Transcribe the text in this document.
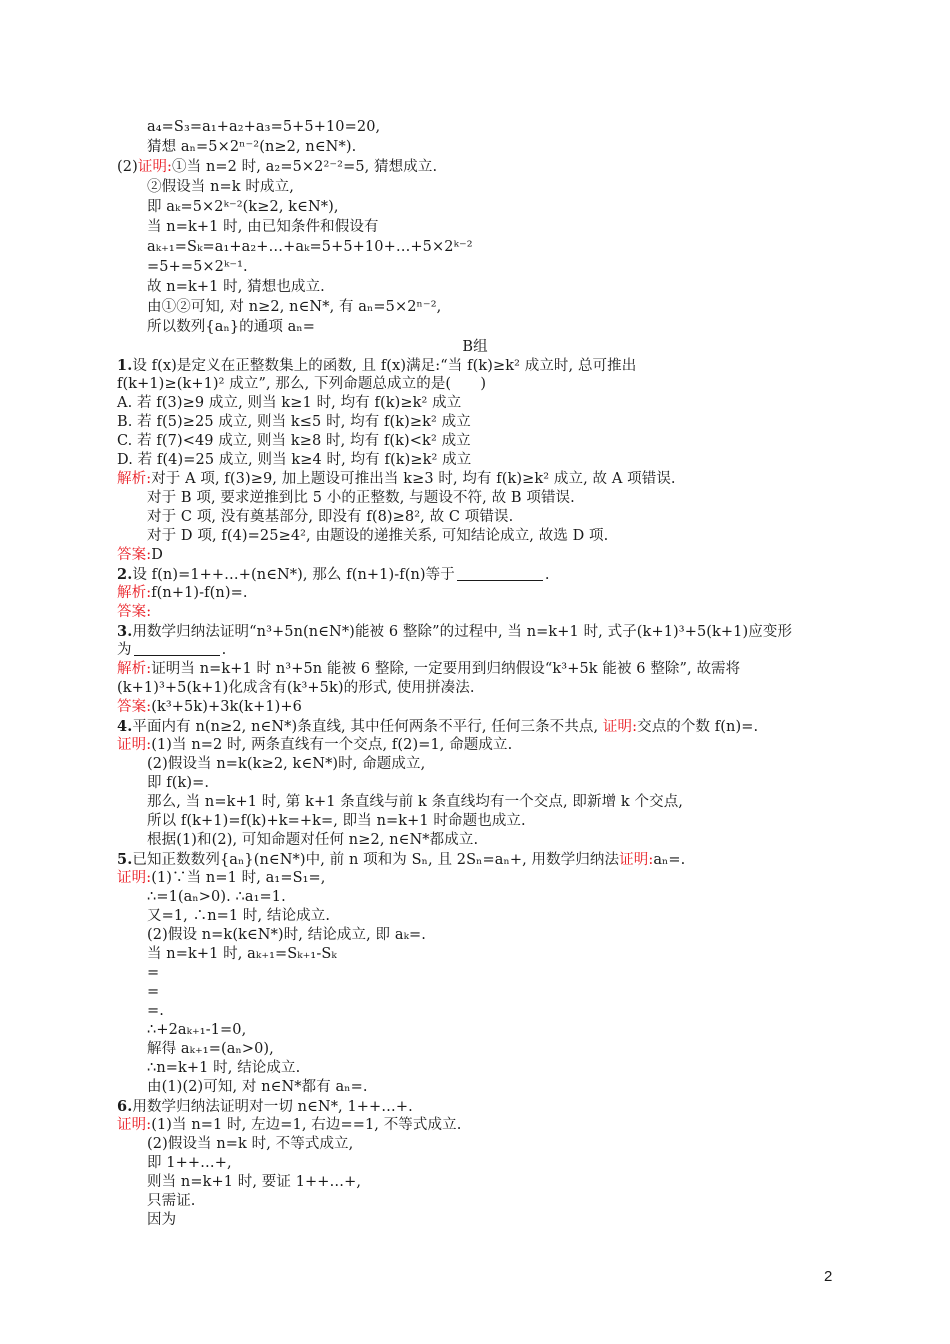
a₄=S₃=a₁+a₂+a₃=5+5+10=20,
猜想 aₙ=5×2ⁿ⁻²(n≥2, n∈N*).
(2)证明:①当 n=2 时, a₂=5×2²⁻²=5, 猜想成立.
②假设当 n=k 时成立,
即 aₖ=5×2ᵏ⁻²(k≥2, k∈N*),
当 n=k+1 时, 由已知条件和假设有
aₖ₊₁=Sₖ=a₁+a₂+…+aₖ=5+5+10+…+5×2ᵏ⁻²
=5+=5×2ᵏ⁻¹.
故 n=k+1 时, 猜想也成立.
由①②可知, 对 n≥2, n∈N*, 有 aₙ=5×2ⁿ⁻²,
所以数列{aₙ}的通项 aₙ=
B组
1.设 f(x)是定义在正整数集上的函数, 且 f(x)满足:“当 f(k)≥k² 成立时, 总可推出
f(k+1)≥(k+1)² 成立”, 那么, 下列命题总成立的是(　　)
A. 若 f(3)≥9 成立, 则当 k≥1 时, 均有 f(k)≥k² 成立
B. 若 f(5)≥25 成立, 则当 k≤5 时, 均有 f(k)≥k² 成立
C. 若 f(7)<49 成立, 则当 k≥8 时, 均有 f(k)<k² 成立
D. 若 f(4)=25 成立, 则当 k≥4 时, 均有 f(k)≥k² 成立
解析:对于 A 项, f(3)≥9, 加上题设可推出当 k≥3 时, 均有 f(k)≥k² 成立, 故 A 项错误.
对于 B 项, 要求逆推到比 5 小的正整数, 与题设不符, 故 B 项错误.
对于 C 项, 没有奠基部分, 即没有 f(8)≥8², 故 C 项错误.
对于 D 项, f(4)=25≥4², 由题设的递推关系, 可知结论成立, 故选 D 项.
答案:D
2.设 f(n)=1++…+(n∈N*), 那么 f(n+1)-f(n)等于	.
解析:f(n+1)-f(n)=.
答案:
3.用数学归纳法证明“n³+5n(n∈N*)能被 6 整除”的过程中, 当 n=k+1 时, 式子(k+1)³+5(k+1)应变形
为	.
解析:证明当 n=k+1 时 n³+5n 能被 6 整除, 一定要用到归纳假设“k³+5k 能被 6 整除”, 故需将
(k+1)³+5(k+1)化成含有(k³+5k)的形式, 使用拼凑法.
答案:(k³+5k)+3k(k+1)+6
4.平面内有 n(n≥2, n∈N*)条直线, 其中任何两条不平行, 任何三条不共点, 证明:交点的个数 f(n)=.
证明:(1)当 n=2 时, 两条直线有一个交点, f(2)=1, 命题成立.
(2)假设当 n=k(k≥2, k∈N*)时, 命题成立,
即 f(k)=.
那么, 当 n=k+1 时, 第 k+1 条直线与前 k 条直线均有一个交点, 即新增 k 个交点,
所以 f(k+1)=f(k)+k=+k=, 即当 n=k+1 时命题也成立.
根据(1)和(2), 可知命题对任何 n≥2, n∈N*都成立.
5.已知正数数列{aₙ}(n∈N*)中, 前 n 项和为 Sₙ, 且 2Sₙ=aₙ+, 用数学归纳法证明:aₙ=.
证明:(1)∵当 n=1 时, a₁=S₁=,
∴=1(aₙ>0). ∴a₁=1.
又=1, ∴n=1 时, 结论成立.
(2)假设 n=k(k∈N*)时, 结论成立, 即 aₖ=.
当 n=k+1 时, aₖ₊₁=Sₖ₊₁-Sₖ
=
=
=.
∴+2aₖ₊₁-1=0,
解得 aₖ₊₁=(aₙ>0),
∴n=k+1 时, 结论成立.
由(1)(2)可知, 对 n∈N*都有 aₙ=.
6.用数学归纳法证明对一切 n∈N*, 1++…+.
证明:(1)当 n=1 时, 左边=1, 右边==1, 不等式成立.
(2)假设当 n=k 时, 不等式成立,
即 1++…+,
则当 n=k+1 时, 要证 1++…+,
只需证.
因为
2
